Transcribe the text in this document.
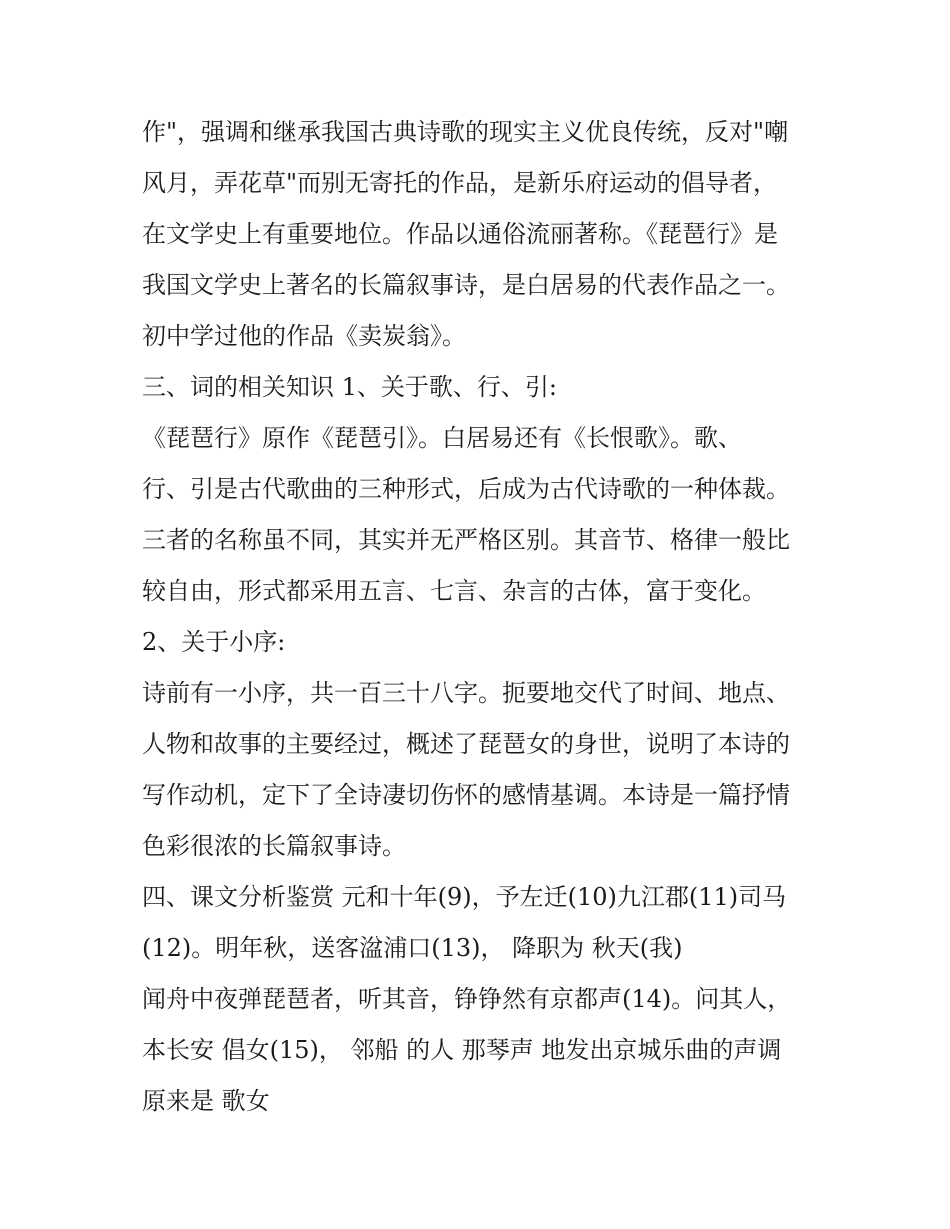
作"，强调和继承我国古典诗歌的现实主义优良传统，反对"嘲
风月，弄花草"而别无寄托的作品，是新乐府运动的倡导者，
在文学史上有重要地位。作品以通俗流丽著称。《琵琶行》是
我国文学史上著名的长篇叙事诗，是白居易的代表作品之一。
初中学过他的作品《卖炭翁》。
三、词的相关知识 1、关于歌、行、引:
《琵琶行》原作《琵琶引》。白居易还有《长恨歌》。歌、
行、引是古代歌曲的三种形式，后成为古代诗歌的一种体裁。
三者的名称虽不同，其实并无严格区别。其音节、格律一般比
较自由，形式都采用五言、七言、杂言的古体，富于变化。
2、关于小序:
诗前有一小序，共一百三十八字。扼要地交代了时间、地点、
人物和故事的主要经过，概述了琵琶女的身世，说明了本诗的
写作动机，定下了全诗凄切伤怀的感情基调。本诗是一篇抒情
色彩很浓的长篇叙事诗。
四、课文分析鉴赏 元和十年(9)，予左迁(10)九江郡(11)司马
(12)。明年秋，送客湓浦口(13)， 降职为 秋天(我)
闻舟中夜弹琵琶者，听其音，铮铮然有京都声(14)。问其人，
本长安 倡女(15)， 邻船 的人 那琴声 地发出京城乐曲的声调
原来是 歌女
